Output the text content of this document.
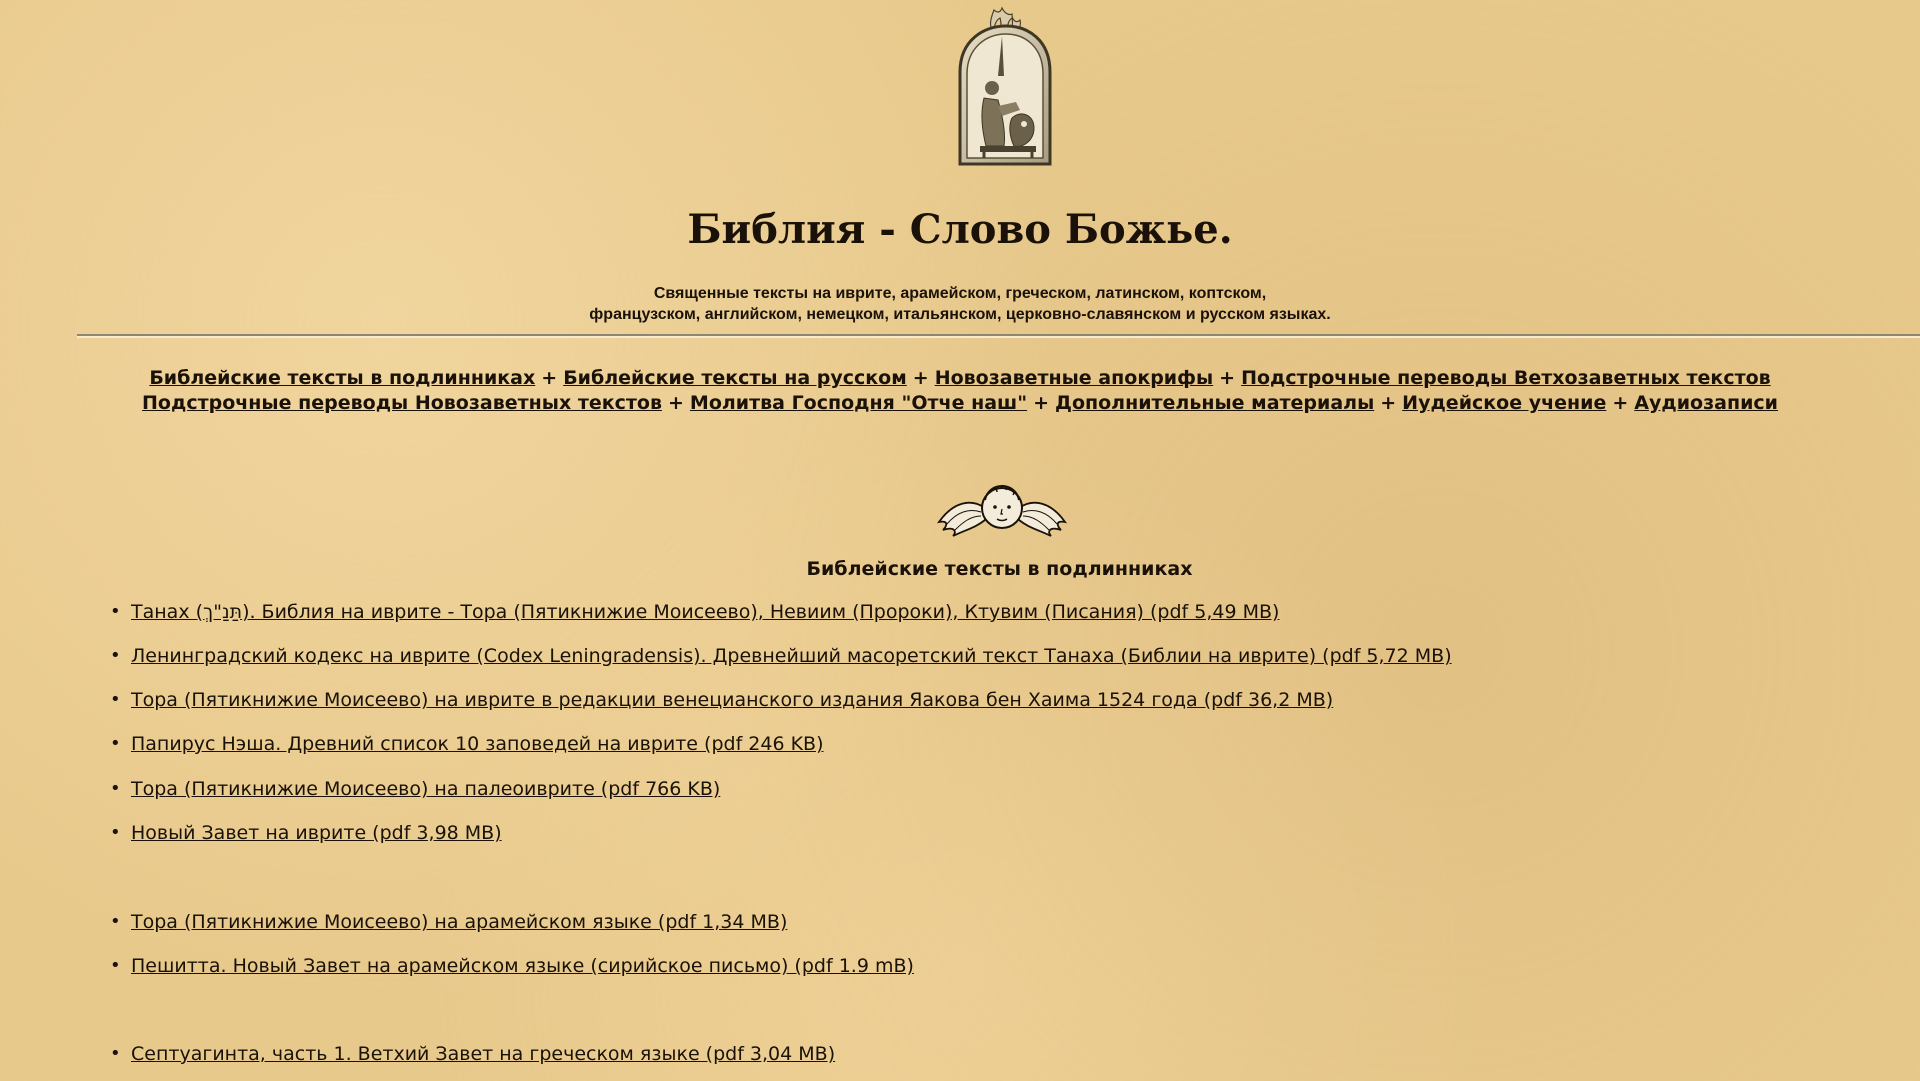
Библия - Слово Божье.
Священные тексты на иврите, арамейском, греческом, латинском, коптском,
французском, английском, немецком, итальянском, церковно-славянском и русском языках.
Библейские тексты в подлинниках + Библейские тексты на русском + Новозаветные апокрифы + Подстрочные переводы Ветхозаветных текстов
Подстрочные переводы Новозаветных текстов + Молитва Господня "Отче наш" + Дополнительные материалы + Иудейское учение + Аудиозаписи
Библейские тексты в подлинниках
• Танах (תַּנַ"ךְ). Библия на иврите - Тора (Пятикнижие Моисеево), Невиим (Пророки), Ктувим (Писания) (pdf 5,49 MB)
• Ленинградский кодекс на иврите (Codex Leningradensis). Древнейший масоретский текст Танаха (Библии на иврите) (pdf 5,72 MB)
• Тора (Пятикнижие Моисеево) на иврите в редакции венецианского издания Яакова бен Хаима 1524 года (pdf 36,2 MB)
• Папирус Нэша. Древний список 10 заповедей на иврите (pdf 246 KB)
• Тора (Пятикнижие Моисеево) на палеоиврите (pdf 766 KB)
• Новый Завет на иврите (pdf 3,98 MB)
• Тора (Пятикнижие Моисеево) на арамейском языке (pdf 1,34 MB)
• Пешитта. Новый Завет на арамейском языке (сирийское письмо) (pdf 1.9 mB)
• Септуагинта, часть 1. Ветхий Завет на греческом языке (pdf 3,04 MB)
